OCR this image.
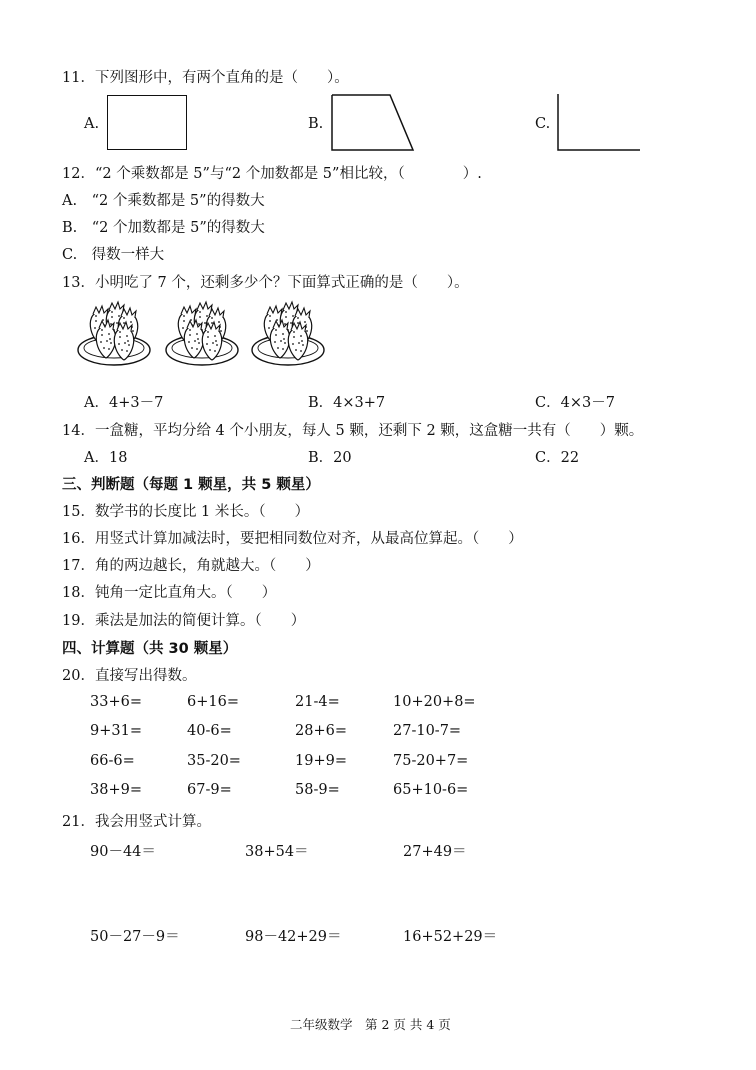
11．下列图形中，有两个直角的是（　　）。
A.	B.	C.
12．“2 个乘数都是 5”与“2 个加数都是 5”相比较，（　　　　）.
A.　“2 个乘数都是 5”的得数大
B.　“2 个加数都是 5”的得数大
C.　得数一样大
13．小明吃了 7 个，还剩多少个？下面算式正确的是（　　）。
A．4+3－7	B．4×3+7	C．4×3－7
14．一盒糖，平均分给 4 个小朋友，每人 5 颗，还剩下 2 颗，这盒糖一共有（　　）颗。
A．18	B．20	C．22
三、判断题（每题 1 颗星，共 5 颗星）
15．数学书的长度比 1 米长。（　　）
16．用竖式计算加减法时，要把相同数位对齐，从最高位算起。（　　）
17．角的两边越长，角就越大。（　　）
18．钝角一定比直角大。（　　）
19．乘法是加法的简便计算。（　　）
四、计算题（共 30 颗星）
20．直接写出得数。
33+6=	6+16=	21-4=	10+20+8=
9+31=	40-6=	28+6=	27-10-7=
66-6=	35-20=	19+9=	75-20+7=
38+9=	67-9=	58-9=	65+10-6=
21．我会用竖式计算。
90－44＝	38+54＝	27+49＝
50－27－9＝	98－42+29＝	16+52+29＝
二年级数学　第 2 页 共 4 页
